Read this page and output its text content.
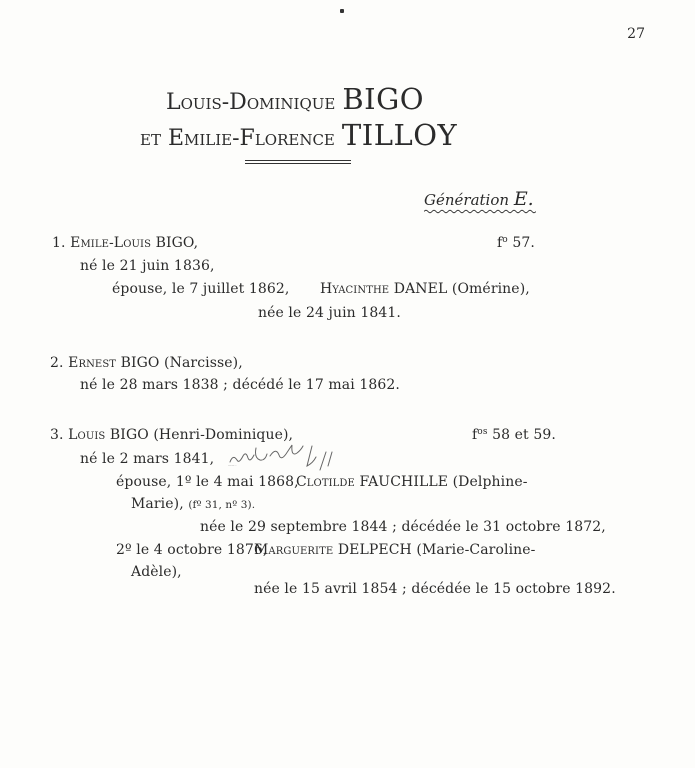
27
Louis-Dominique BIGO
et Emilie-Florence TILLOY
Génération E.
1. Emile-Louis BIGO,	$f^o$ 57.
né le 21 juin 1836,
épouse, le 7 juillet 1862, Hyacinthe DANEL (Omérine),
née le 24 juin 1841.
2. Ernest BIGO (Narcisse),
né le 28 mars 1838 ; décédé le 17 mai 1862.
3. Louis BIGO (Henri-Dominique),	$f^{os}$ 58 et 59.
né le 2 mars 1841,	décédé août 191
épouse, 1º le 4 mai 1868,
Clotilde FAUCHILLE (Delphine-
Marie), (fº 31, nº 3).
née le 29 septembre 1844 ; décédée le 31 octobre 1872,
2º le 4 octobre 1876,
Marguerite DELPECH (Marie-Caroline-
Adèle),
née le 15 avril 1854 ; décédée le 15 octobre 1892.
